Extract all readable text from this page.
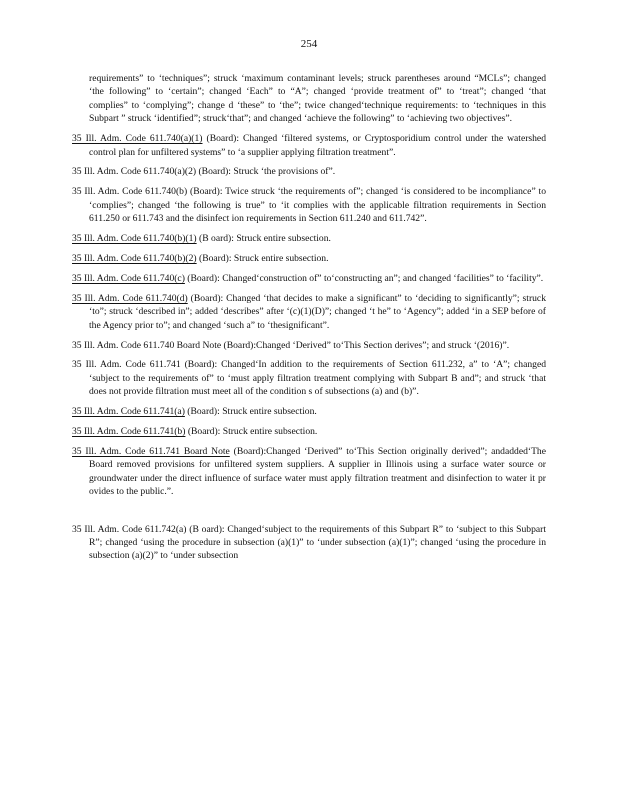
254

requirements” to ‘techniques”; struck ‘maximum contaminant levels; struck parentheses around “MCLs”; changed ‘the following” to ‘certain”; changed ‘Each” to “A”; changed ‘provide treatment of” to ‘treat”; changed ‘that complies” to ‘complying”; change d ‘these” to ‘the”; twice changed‘technique requirements: to ‘techniques in this Subpart ” struck ‘identified”; struck‘that”; and changed ‘achieve the following” to ‘achieving two objectives”.

35 Ill. Adm. Code 611.740(a)(1) (Board): Changed ‘filtered systems, or Cryptosporidium control under the watershed control plan for unfiltered systems” to ‘a supplier applying filtration treatment”.

35 Ill. Adm. Code 611.740(a)(2) (Board): Struck ‘the provisions of”.

35 Ill. Adm. Code 611.740(b) (Board): Twice struck ‘the requirements of”; changed ‘is considered to be incompliance” to ‘complies”; changed ‘the following is true” to ‘it complies with the applicable filtration requirements in Section 611.250 or 611.743 and the disinfect ion requirements in Section 611.240 and 611.742”.

35 Ill. Adm. Code 611.740(b)(1) (B oard): Struck entire subsection.

35 Ill. Adm. Code 611.740(b)(2) (Board): Struck entire subsection.

35 Ill. Adm. Code 611.740(c) (Board): Changed‘construction of” to‘constructing an”; and changed ‘facilities” to ‘facility”.

35 Ill. Adm. Code 611.740(d) (Board): Changed ‘that decides to make a significant” to ‘deciding to significantly”; struck ‘to”; struck ‘described in”; added ‘describes” after ‘(c)(1)(D)”; changed ‘t he” to ‘Agency”; added ‘in a SEP before of the Agency prior to”; and changed ‘such a” to ‘thesignificant”.

35 Ill. Adm. Code 611.740 Board Note (Board):Changed ‘Derived” to‘This Section derives”; and struck ‘(2016)”.

35 Ill. Adm. Code 611.741 (Board): Changed‘In addition to the requirements of Section 611.232, a” to ‘A”; changed ‘subject to the requirements of” to ‘must apply filtration treatment complying with Subpart B and”; and struck ‘that does not provide filtration must meet all of the condition s of subsections (a) and (b)”.

35 Ill. Adm. Code 611.741(a) (Board): Struck entire subsection.

35 Ill. Adm. Code 611.741(b) (Board): Struck entire subsection.

35 Ill. Adm. Code 611.741 Board Note (Board):Changed ‘Derived” to‘This Section originally derived”; andadded‘The Board removed provisions for unfiltered system suppliers. A supplier in Illinois using a surface water source or groundwater under the direct influence of surface water must apply filtration treatment and disinfection to water it pr ovides to the public.”.

35 Ill. Adm. Code 611.742(a) (B oard): Changed‘subject to the requirements of this Subpart R” to ‘subject to this Subpart R”; changed ‘using the procedure in subsection (a)(1)” to ‘under subsection (a)(1)”; changed ‘using the procedure in subsection (a)(2)” to ‘under subsection
